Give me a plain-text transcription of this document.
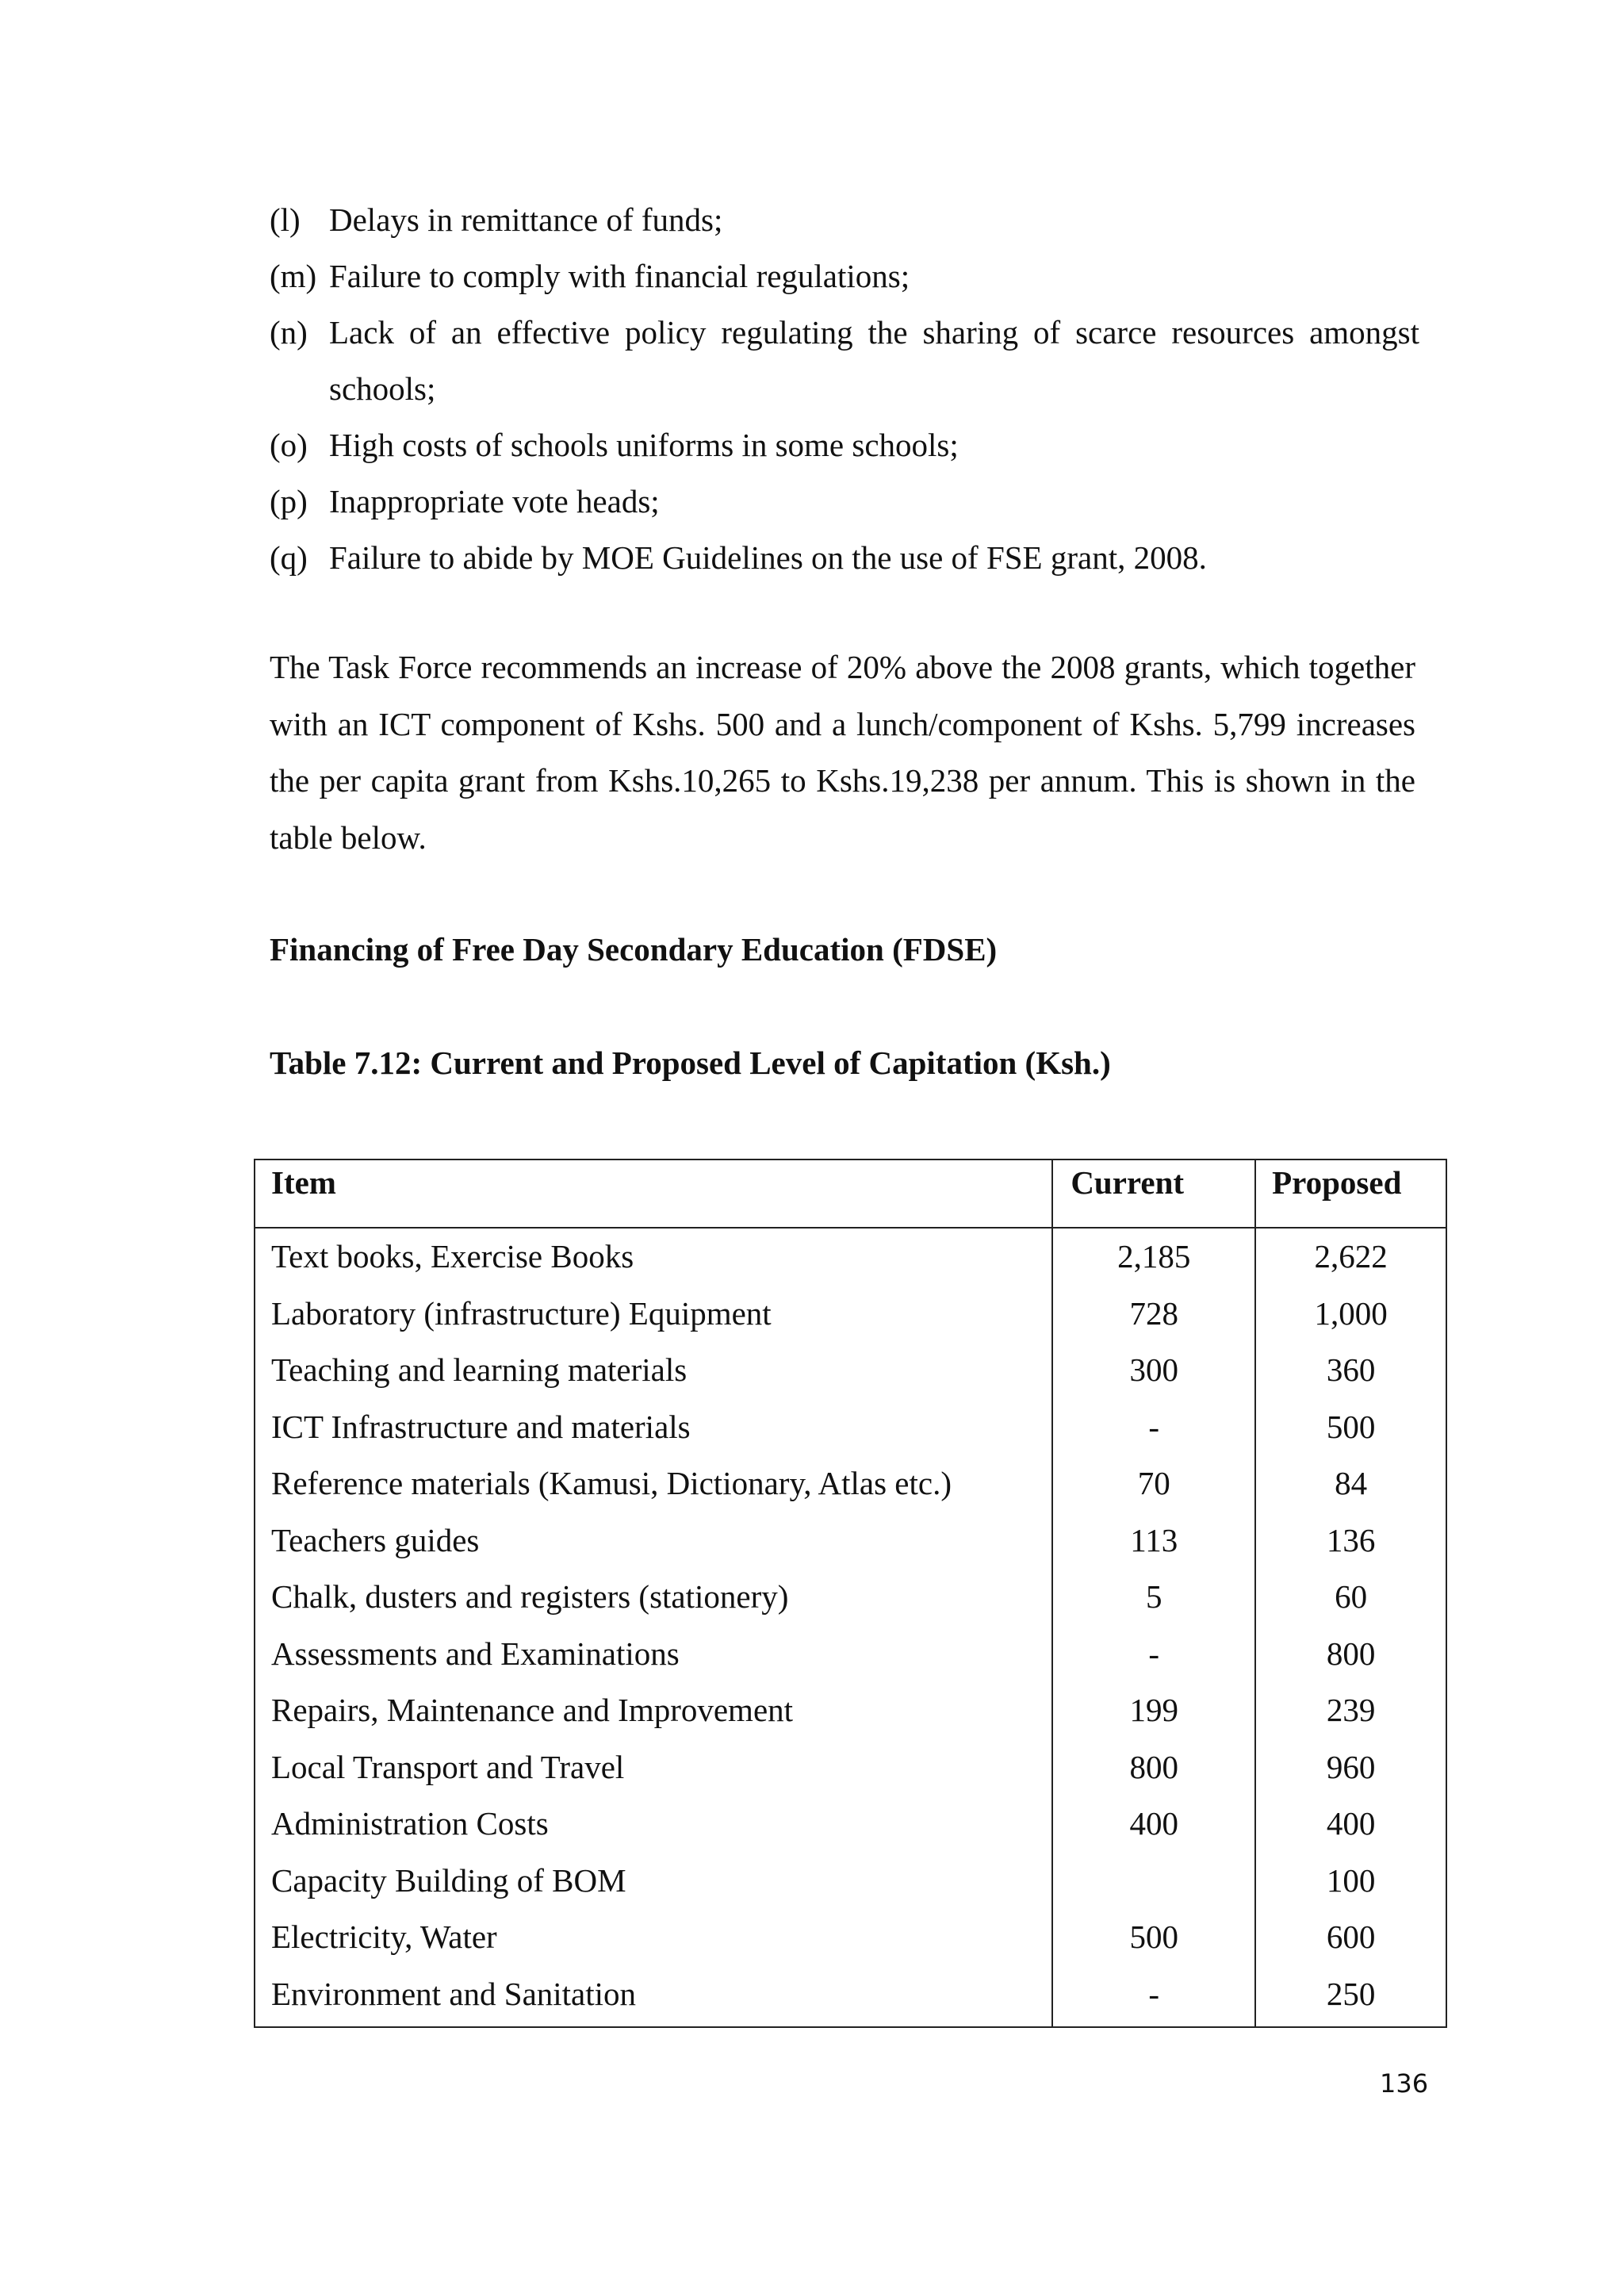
(l) Delays in remittance of funds;
(m) Failure to comply with financial regulations;
(n) Lack of an effective policy regulating the sharing of scarce resources amongst schools;
(o) High costs of schools uniforms in some schools;
(p) Inappropriate vote heads;
(q) Failure to abide by MOE Guidelines on the use of FSE grant, 2008.

The Task Force recommends an increase of 20% above the 2008 grants, which together with an ICT component of Kshs. 500 and a lunch/component of Kshs. 5,799 increases the per capita grant from Kshs.10,265 to Kshs.19,238 per annum. This is shown in the table below.

Financing of Free Day Secondary Education (FDSE)
Table 7.12: Current and Proposed Level of Capitation (Ksh.)
Item	Current	Proposed
Text books, Exercise Books	2,185	2,622
Laboratory (infrastructure) Equipment	728	1,000
Teaching and learning materials	300	360
ICT Infrastructure and materials	-	500
Reference materials (Kamusi, Dictionary, Atlas etc.)	70	84
Teachers guides	113	136
Chalk, dusters and registers (stationery)	5	60
Assessments and Examinations	-	800
Repairs, Maintenance and Improvement	199	239
Local Transport and Travel	800	960
Administration Costs	400	400
Capacity Building of BOM		100
Electricity, Water	500	600
Environment and Sanitation	-	250
136
